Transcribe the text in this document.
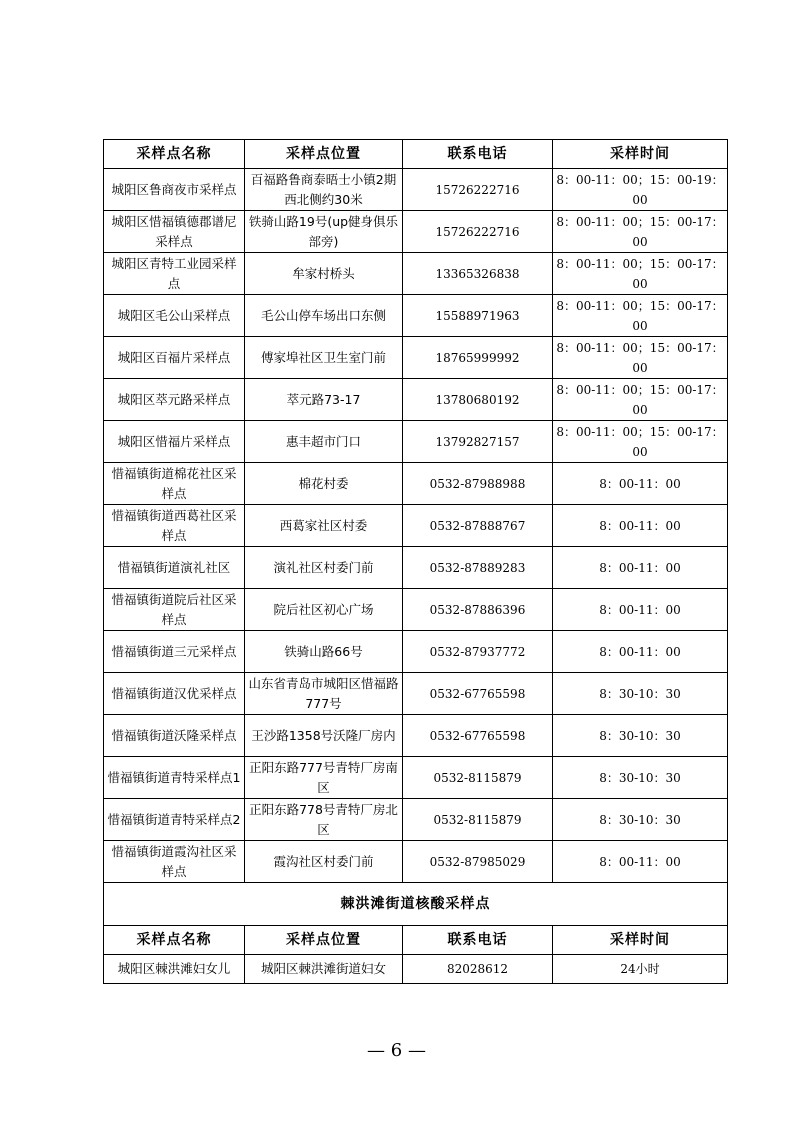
采样点名称	采样点位置	联系电话	采样时间
城阳区鲁商夜市采样点	百福路鲁商泰晤士小镇2期西北侧约30米	15726222716	8：00-11：00；15：00-19：00
城阳区惜福镇德郡谱尼采样点	铁骑山路19号(up健身俱乐部旁)	15726222716	8：00-11：00；15：00-17：00
城阳区青特工业园采样点	牟家村桥头	13365326838	8：00-11：00；15：00-17：00
城阳区毛公山采样点	毛公山停车场出口东侧	15588971963	8：00-11：00；15：00-17：00
城阳区百福片采样点	傅家埠社区卫生室门前	18765999992	8：00-11：00；15：00-17：00
城阳区萃元路采样点	萃元路73-17	13780680192	8：00-11：00；15：00-17：00
城阳区惜福片采样点	惠丰超市门口	13792827157	8：00-11：00；15：00-17：00
惜福镇街道棉花社区采样点	棉花村委	0532-87988988	8：00-11：00
惜福镇街道西葛社区采样点	西葛家社区村委	0532-87888767	8：00-11：00
惜福镇街道演礼社区	演礼社区村委门前	0532-87889283	8：00-11：00
惜福镇街道院后社区采样点	院后社区初心广场	0532-87886396	8：00-11：00
惜福镇街道三元采样点	铁骑山路66号	0532-87937772	8：00-11：00
惜福镇街道汉优采样点	山东省青岛市城阳区惜福路777号	0532-67765598	8：30-10：30
惜福镇街道沃隆采样点	王沙路1358号沃隆厂房内	0532-67765598	8：30-10：30
惜福镇街道青特采样点1	正阳东路777号青特厂房南区	0532-8115879	8：30-10：30
惜福镇街道青特采样点2	正阳东路778号青特厂房北区	0532-8115879	8：30-10：30
惜福镇街道霞沟社区采样点	霞沟社区村委门前	0532-87985029	8：00-11：00
棘洪滩街道核酸采样点			
采样点名称	采样点位置	联系电话	采样时间
城阳区棘洪滩妇女儿	城阳区棘洪滩街道妇女	82028612	24小时
— 6 —
